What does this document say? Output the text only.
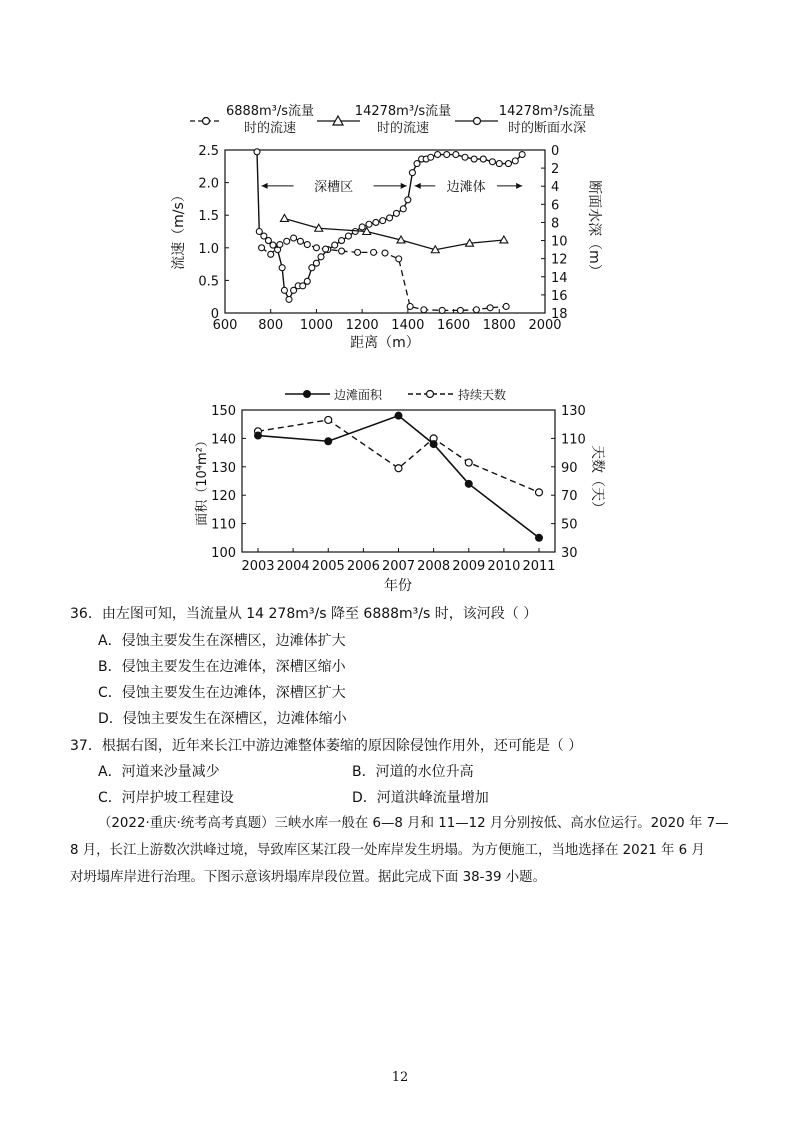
6888m³/s流量
时的流速
14278m³/s流量
时的流速
14278m³/s流量
时的断面水深
600 800 1000 1200 1400 1600 1800 2000
0
0.5
1.0
1.5
2.0
2.5	0
2
4
6
8
10
12
14
16
18
深槽区	边滩体
距离（m）
流速（m/s）	断面水深（m）
边滩面积	持续天数
2003 2004 2005 2006 2007 2008 2009 2010 2011
100
110
120
130
140
150
30
50
70
90
110
130
年份
面积（10⁴m²）	天数（天）
36．由左图可知，当流量从 14 278m³/s 降至 6888m³/s 时，该河段（ ）
A．侵蚀主要发生在深槽区，边滩体扩大
B．侵蚀主要发生在边滩体，深槽区缩小
C．侵蚀主要发生在边滩体，深槽区扩大
D．侵蚀主要发生在深槽区，边滩体缩小
37．根据右图，近年来长江中游边滩整体萎缩的原因除侵蚀作用外，还可能是（ ）
A．河道来沙量减少	B．河道的水位升高
C．河岸护坡工程建设	D．河道洪峰流量增加
（2022·重庆·统考高考真题）三峡水库一般在 6—8 月和 11—12 月分别按低、高水位运行。2020 年 7—
8 月，长江上游数次洪峰过境，导致库区某江段一处库岸发生坍塌。为方便施工，当地选择在 2021 年 6 月
对坍塌库岸进行治理。下图示意该坍塌库岸段位置。据此完成下面 38-39 小题。
12
